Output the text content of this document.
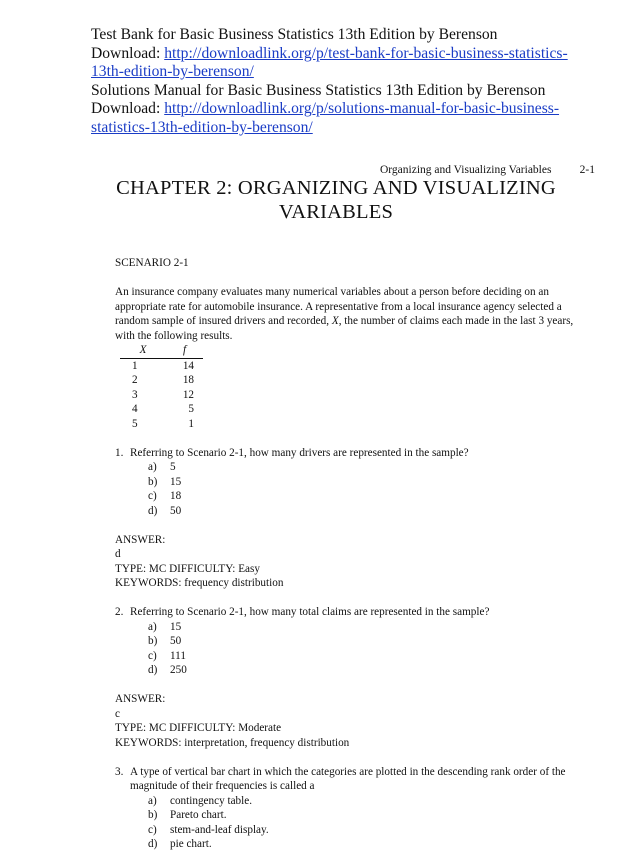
Test Bank for Basic Business Statistics 13th Edition by Berenson
Download: http://downloadlink.org/p/test-bank-for-basic-business-statistics-
13th-edition-by-berenson/
Solutions Manual for Basic Business Statistics 13th Edition by Berenson
Download: http://downloadlink.org/p/solutions-manual-for-basic-business-
statistics-13th-edition-by-berenson/
Organizing and Visualizing Variables 2-1
CHAPTER 2: ORGANIZING AND VISUALIZING
VARIABLES

SCENARIO 2-1

An insurance company evaluates many numerical variables about a person before deciding on an appropriate rate for automobile insurance. A representative from a local insurance agency selected a random sample of insured drivers and recorded, X, the number of claims each made in the last 3 years, with the following results.

X	f
1	14
2	18
3	12
4	5
5	1
1. Referring to Scenario 2-1, how many drivers are represented in the sample?
a)	5
b)	15
c)	18
d)	50

ANSWER:

d

TYPE: MC DIFFICULTY: Easy

KEYWORDS: frequency distribution

2. Referring to Scenario 2-1, how many total claims are represented in the sample?
a)	15
b)	50
c)	111
d)	250

ANSWER:

c

TYPE: MC DIFFICULTY: Moderate

KEYWORDS: interpretation, frequency distribution

3. A type of vertical bar chart in which the categories are plotted in the descending rank order of the magnitude of their frequencies is called a
a)	contingency table.
b)	Pareto chart.
c)	stem-and-leaf display.
d)	pie chart.
